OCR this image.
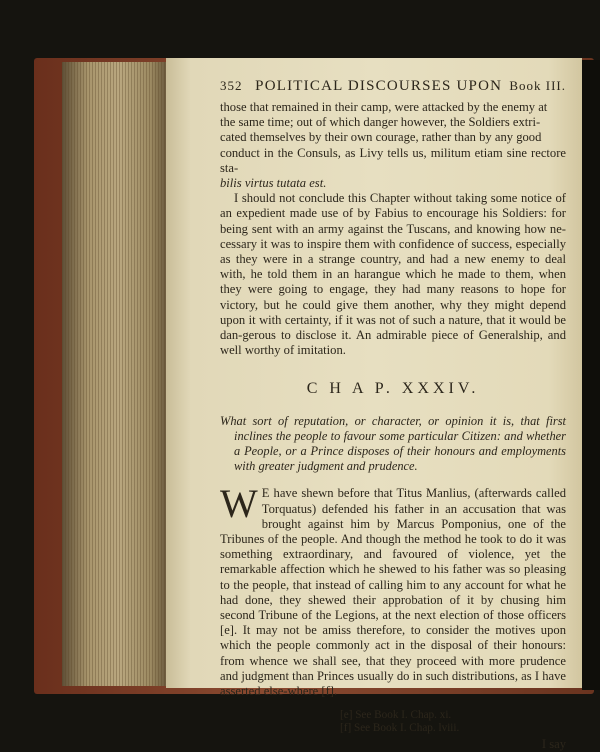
352 POLITICAL DISCOURSES UPON Book III.

those that remained in their camp, were attacked by the enemy at

the same time; out of which danger however, the Soldiers extri-

cated themselves by their own courage, rather than by any good

conduct in the Consuls, as Livy tells us, militum etiam sine rectore sta-

bilis virtus tutata est.

I should not conclude this Chapter without taking some notice of an expedient made use of by Fabius to encourage his Soldiers: for being sent with an army against the Tuscans, and knowing how ne-cessary it was to inspire them with confidence of success, especially as they were in a strange country, and had a new enemy to deal with, he told them in an harangue which he made to them, when they were going to engage, they had many reasons to hope for victory, but he could give them another, why they might depend upon it with certainty, if it was not of such a nature, that it would be dan-gerous to disclose it. An admirable piece of Generalship, and well worthy of imitation.

C H A P. XXXIV.

What sort of reputation, or character, or opinion it is, that first inclines the people to favour some particular Citizen: and whether a People, or a Prince disposes of their honours and employments with greater judgment and prudence.

W E have shewn before that Titus Manlius, (afterwards called Torquatus) defended his father in an accusation that was brought against him by Marcus Pomponius, one of the Tribunes of the people. And though the method he took to do it was something extraordinary, and favoured of violence, yet the remarkable affection which he shewed to his father was so pleasing to the people, that instead of calling him to any account for what he had done, they shewed their approbation of it by chusing him second Tribune of the Legions, at the next election of those officers [e]. It may not be amiss therefore, to consider the motives upon which the people commonly act in the disposal of their honours: from whence we shall see, that they proceed with more prudence and judgment than Princes usually do in such distributions, as I have asserted else-where [f].
[e] See Book I. Chap. xi.
[f] See Book I. Chap. lviii.
I say
